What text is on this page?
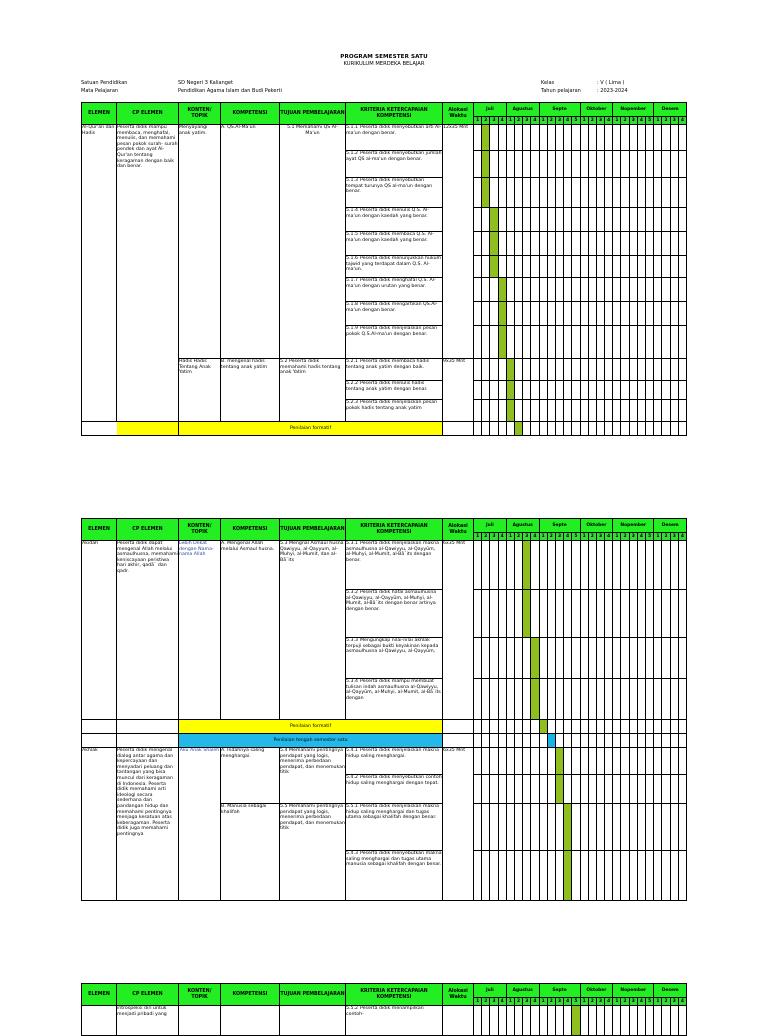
PROGRAM SEMESTER SATU
KURIKULUM MERDEKA BELAJAR
Satuan Pendidikan
Mata Pelajaran
SD Negeri 3 Kalianget
Pendidikan Agama Islam dan Budi Pekerti
Kelas
Tahun pelajaran
: V ( Lima )
: 2023-2024
ELEMEN	CP ELEMEN	KONTEN/ TOPIK	KOMPETENSI	TUJUAN PEMBELAJARAN	KRITERIA KETERCAPAIAN KOMPETENSI	Alokasi Waktu	Juli				Agustus				Septe					Oktober				Nopember					Desem			
							1	2	3	4	1	2	3	4	1	2	3	4	5	1	2	3	4	1	2	3	4	5	1	2	3	4
Al-Qur'an dan Hadis	Peserta didik mampu membaca, menghafal, menulis, dan memahami pesan pokok surah- surah pendek dan ayat Al-Qur'an tentang keragaman dengan baik dan benar.	Menyayangi anak yatim.	A. QS.Al-Ma'un	5.1 Memahami QS Al-Ma'un	5.1.1 Peserta didik menyebutkan arti Al-ma'un dengan benar.	12x35 Mnt																										
					5.1.2 Peserta didik menyebutkan jumlah ayat QS al-ma'un dengan benar.																											
					5.1.3 Peserta didik menyebutkan tempat turunya QS al-ma'un dengan benar.																											
					5.1.4 Peserta didik menulis Q.S. Al- ma'un dengan kaedah yang benar.																											
					5.1.5 Peserta didik membaca Q.S. Al- ma'un dengan kaedah yang benar.																											
					5.1.6 Peserta didik menunjukkan hukum tajwid yang terdapat dalam Q.S. Al-ma'un.																											
					5.1.7 Peserta didik menghafal Q.S. Al-ma'un dengan urutan yang benar.																											
					5.1.8 Peserta didik mengartikan QS.Al-ma'un dengan benar.																											
					5.1.9 Peserta didik menjelaskan pesan pokok Q.S.Al-ma'un dengan benar.																											
		Hadis Hadis Tentang Anak Yatim	B. mengenal hadis tentang anak yatim	5.2 Peserta didik memahami hadis tentang anak Yatim	5.2.1 Peserta didik membaca hadis tentang anak yatim dengan baik.	9x35 Mnt																										
					5.2.2 Peserta didik menulis hadis tentang anak yatim dengan benar.																											
					5.2.3 Peserta didik menjelaskan pesan pokok hadis tentang anak yatim																											
		Penilaian formatif																														
ELEMEN	CP ELEMEN	KONTEN/ TOPIK	KOMPETENSI	TUJUAN PEMBELAJARAN	KRITERIA KETERCAPAIAN KOMPETENSI	Alokasi Waktu	Juli				Agustus				Septe					Oktober				Nopember					Desem			
							1	2	3	4	1	2	3	4	1	2	3	4	5	1	2	3	4	1	2	3	4	5	1	2	3	4
Akidah	Peserta didik dapat mengenal Allah melalui asmaulhusna, memahami keniscayaan peristiwa hari akhir, qadā` dan qadr.	Lebih Dekat dengan Nama-nama Allah	A. Mengenal Allah melalui Asmaul husna.	5.3 Mengnal Asmaul husna Qawiyyu, al-Qayyum, al-Muhyi, al-Mumit, dan al-Bā`its	5.3.1 Peserta didik menjelaskan makna asmaulhusna al-Qawiyyu, al-Qayyūm, al-Muhyi, al-Mumit, al-Bā`its dengan benar.	6x35 Mnt																										
					5.3.2 Peserta didik hafal asmaulhusna al-Qawiyyu, al-Qayyūm, al-Muhyi, al-Mumit, al-Bā`its dengan benar artinya dengan benar.																											
					5.3.3 Mengungkap nilai-nilai akhlak terpuji sebagai bukti keyakinan kepada asmaulhusna al-Qawiyyu, al-Qayyūm,																											
					5.3.4 Peserta didik mampu membuat tulisan indah asmaulhusna al-Qawiyyu, al-Qayyūm, al-Muhyi, al-Mumit, al-Bā`its dengan																											
		Penilaian formatif																														
		Penilaian tengah semester satu																														
Akhlak	Peserta didik mengenal dialog antar agama dan kepercayaan dan menyadari peluang dan tantangan yang bisa muncul dari keragaman di Indonesia. Peserta didik memahami arti ideologi secara sederhana dan pandangan hidup dan memahami pentingnya menjaga kesatuan atas keberagaman. Peserta didik juga memahami pentingnya	Aku Anak Shaleh	A. Indahnya saling menghargai.	5.4 Memahami pentingnya pendapat yang logis, menerima perbedaan pendapat, dan menemukan titik	5.4.1 Peserta didik menjelaskan makna hidup saling menghargai.	6x35 Mnt																										
					5.4.2 Peserta didik menyebutkan contoh hidup saling menghargai dengan tepat.																											
			B. Manusia sebagai khalifah	5.5 Memahami pentingnya pendapat yang logis, menerima perbedaan pendapat, dan menemukan titik	5.5.1 Peserta didik menjelaskan makna hidup saling menghargai dan tugas utama sebagai khalifah dengan benar.																											
					5.4.3 Peserta didik menyebutkan makna saling menghargai dan tugas utama manusia sebagai khalifah dengan benar.																											
ELEMEN	CP ELEMEN	KONTEN/ TOPIK	KOMPETENSI	TUJUAN PEMBELAJARAN	KRITERIA KETERCAPAIAN KOMPETENSI	Alokasi Waktu	Juli				Agustus				Septe					Oktober				Nopember					Desem			
							1	2	3	4	1	2	3	4	1	2	3	4	5	1	2	3	4	1	2	3	4	5	1	2	3	4
	introspeksi diri untuk menjadi pribadi yang				5.5.2 Peserta didik menampilkan contoh-																											
